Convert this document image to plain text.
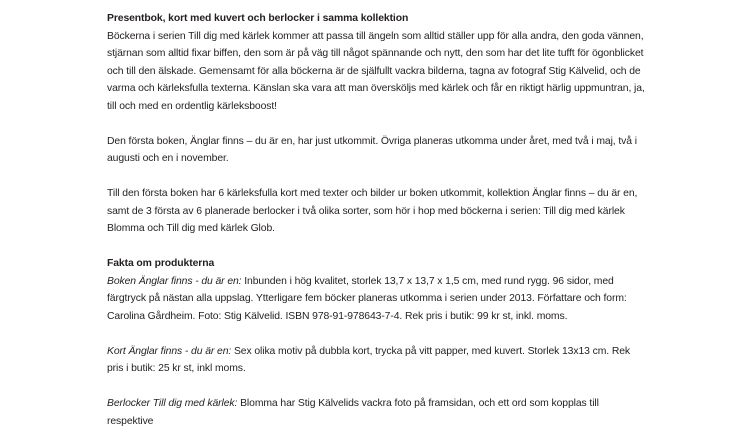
Presentbok, kort med kuvert och berlocker i samma kollektion

Böckerna i serien Till dig med kärlek kommer att passa till ängeln som alltid ställer upp för alla andra, den goda vännen, stjärnan som alltid fixar biffen, den som är på väg till något spännande och nytt, den som har det lite tufft för ögonblicket och till den älskade. Gemensamt för alla böckerna är de själfullt vackra bilderna, tagna av fotograf Stig Kälvelid, och de varma och kärleksfulla texterna. Känslan ska vara att man översköljs med kärlek och får en riktigt härlig uppmuntran, ja, till och med en ordentlig kärleksboost!

Den första boken, Änglar finns – du är en, har just utkommit. Övriga planeras utkomma under året, med två i maj, två i augusti och en i november.

Till den första boken har 6 kärleksfulla kort med texter och bilder ur boken utkommit, kollektion Änglar finns – du är en, samt de 3 första av 6 planerade berlocker i två olika sorter, som hör i hop med böckerna i serien: Till dig med kärlek Blomma och Till dig med kärlek Glob.

Fakta om produkterna

Boken Änglar finns - du är en: Inbunden i hög kvalitet, storlek 13,7 x 13,7 x 1,5 cm, med rund rygg. 96 sidor, med färgtryck på nästan alla uppslag. Ytterligare fem böcker planeras utkomma i serien under 2013. Författare och form: Carolina Gårdheim. Foto: Stig Kälvelid. ISBN 978-91-978643-7-4. Rek pris i butik: 99 kr st, inkl. moms.

Kort Änglar finns - du är en: Sex olika motiv på dubbla kort, trycka på vitt papper, med kuvert. Storlek 13x13 cm. Rek pris i butik: 25 kr st, inkl moms.

Berlocker Till dig med kärlek: Blomma har Stig Kälvelids vackra foto på framsidan, och ett ord som kopplas till respektive
